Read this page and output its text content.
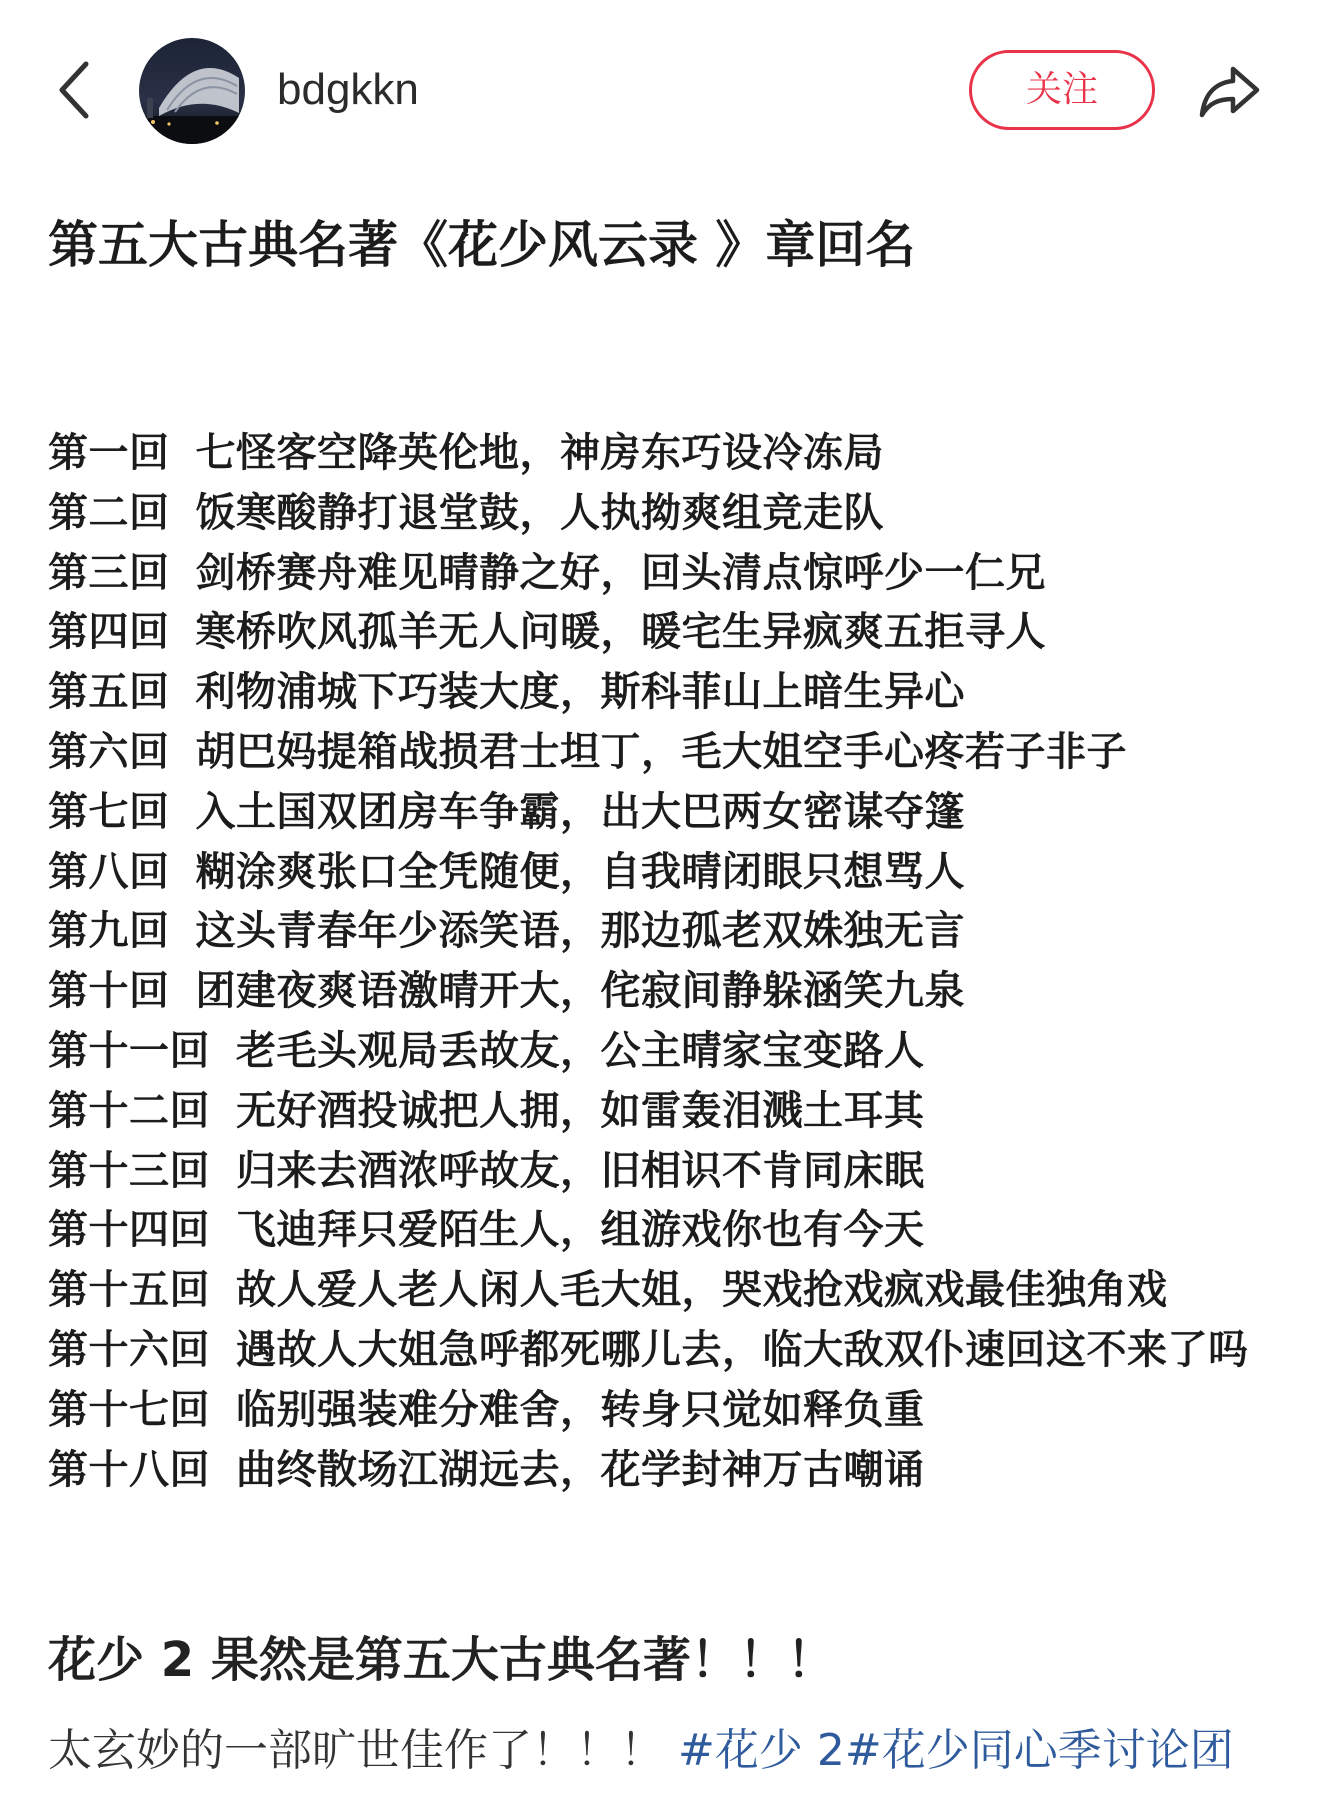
bdgkkn	关注
第五大古典名著《花少风云录 》章回名
第一回 七怪客空降英伦地，神房东巧设冷冻局
第二回 饭寒酸静打退堂鼓，人执拗爽组竞走队
第三回 剑桥赛舟难见晴静之好，回头清点惊呼少一仁兄
第四回 寒桥吹风孤羊无人问暖，暖宅生异疯爽五拒寻人
第五回 利物浦城下巧装大度，斯科菲山上暗生异心
第六回 胡巴妈提箱战损君士坦丁，毛大姐空手心疼若子非子
第七回 入土国双团房车争霸，出大巴两女密谋夺篷
第八回 糊涂爽张口全凭随便，自我晴闭眼只想骂人
第九回 这头青春年少添笑语，那边孤老双姝独无言
第十回 团建夜爽语激晴开大，侘寂间静躲涵笑九泉
第十一回 老毛头观局丢故友，公主晴家宝变路人
第十二回 无好酒投诚把人拥，如雷轰泪溅土耳其
第十三回 归来去酒浓呼故友，旧相识不肯同床眠
第十四回 飞迪拜只爱陌生人，组游戏你也有今天
第十五回 故人爱人老人闲人毛大姐，哭戏抢戏疯戏最佳独角戏
第十六回 遇故人大姐急呼都死哪儿去，临大敌双仆速回这不来了吗
第十七回 临别强装难分难舍，转身只觉如释负重
第十八回 曲终散场江湖远去，花学封神万古嘲诵
花少 2 果然是第五大古典名著！！！
太玄妙的一部旷世佳作了！！！ #花少 2#花少同心季讨论团
